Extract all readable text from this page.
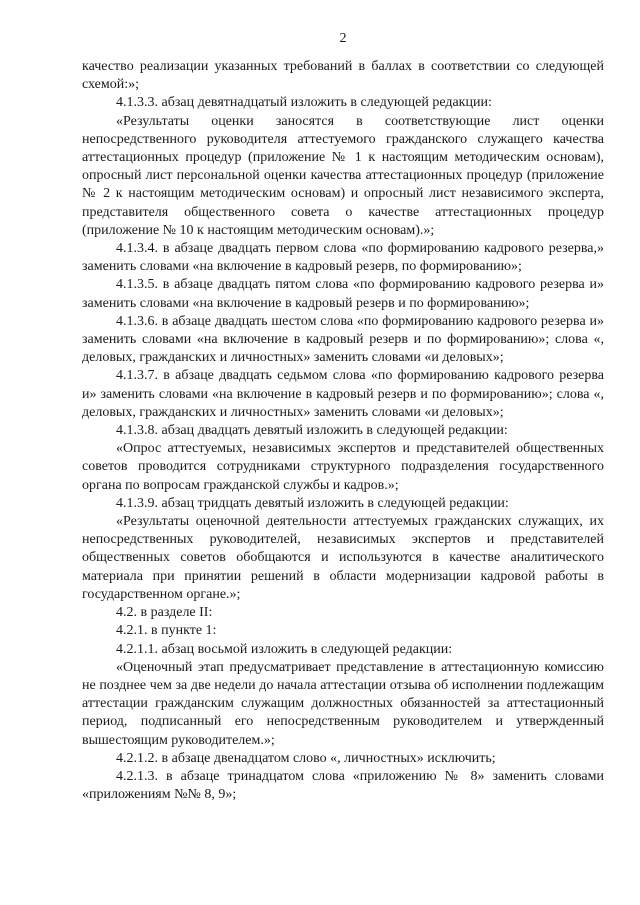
2

качество реализации указанных требований в баллах в соответствии со следующей схемой:»;

4.1.3.3. абзац девятнадцатый изложить в следующей редакции:

«Результаты оценки заносятся в соответствующие лист оценки непосредственного руководителя аттестуемого гражданского служащего качества аттестационных процедур (приложение № 1 к настоящим методическим основам), опросный лист персональной оценки качества аттестационных процедур (приложение № 2 к настоящим методическим основам) и опросный лист независимого эксперта, представителя общественного совета о качестве аттестационных процедур (приложение № 10 к настоящим методическим основам).»;

4.1.3.4. в абзаце двадцать первом слова «по формированию кадрового резерва,» заменить словами «на включение в кадровый резерв, по формированию»;

4.1.3.5. в абзаце двадцать пятом слова «по формированию кадрового резерва и» заменить словами «на включение в кадровый резерв и по формированию»;

4.1.3.6. в абзаце двадцать шестом слова «по формированию кадрового резерва и» заменить словами «на включение в кадровый резерв и по формированию»; слова «, деловых, гражданских и личностных» заменить словами «и деловых»;

4.1.3.7. в абзаце двадцать седьмом слова «по формированию кадрового резерва и» заменить словами «на включение в кадровый резерв и по формированию»; слова «, деловых, гражданских и личностных» заменить словами «и деловых»;

4.1.3.8. абзац двадцать девятый изложить в следующей редакции:

«Опрос аттестуемых, независимых экспертов и представителей общественных советов проводится сотрудниками структурного подразделения государственного органа по вопросам гражданской службы и кадров.»;

4.1.3.9. абзац тридцать девятый изложить в следующей редакции:

«Результаты оценочной деятельности аттестуемых гражданских служащих, их непосредственных руководителей, независимых экспертов и представителей общественных советов обобщаются и используются в качестве аналитического материала при принятии решений в области модернизации кадровой работы в государственном органе.»;

4.2. в разделе II:

4.2.1. в пункте 1:

4.2.1.1. абзац восьмой изложить в следующей редакции:

«Оценочный этап предусматривает представление в аттестационную комиссию не позднее чем за две недели до начала аттестации отзыва об исполнении подлежащим аттестации гражданским служащим должностных обязанностей за аттестационный период, подписанный его непосредственным руководителем и утвержденный вышестоящим руководителем.»;

4.2.1.2. в абзаце двенадцатом слово «, личностных» исключить;

4.2.1.3. в абзаце тринадцатом слова «приложению № 8» заменить словами «приложениям №№ 8, 9»;
